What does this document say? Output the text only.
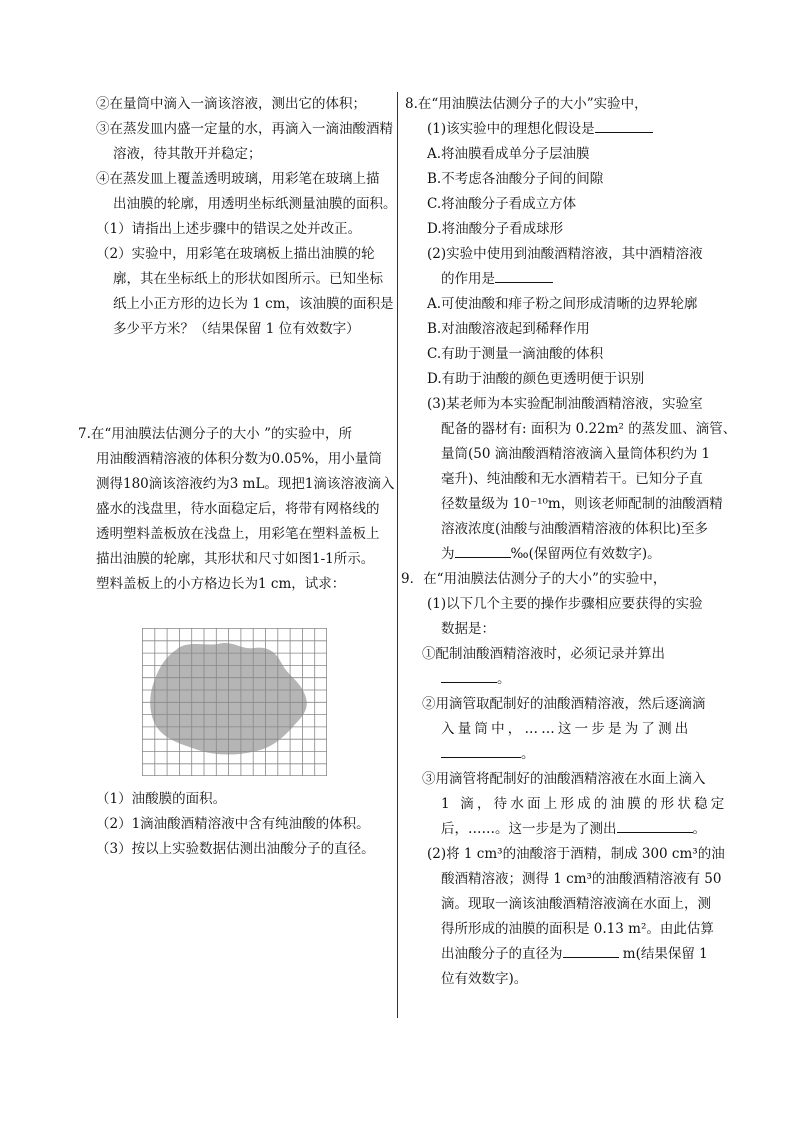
②在量筒中滴入一滴该溶液，测出它的体积；
③在蒸发皿内盛一定量的水，再滴入一滴油酸酒精
溶液，待其散开并稳定；
④在蒸发皿上覆盖透明玻璃，用彩笔在玻璃上描
出油膜的轮廓，用透明坐标纸测量油膜的面积。
（1）请指出上述步骤中的错误之处并改正。
（2）实验中，用彩笔在玻璃板上描出油膜的轮
廓，其在坐标纸上的形状如图所示。已知坐标
纸上小正方形的边长为 1 cm，该油膜的面积是
多少平方米？（结果保留 1 位有效数字）
7.在“用油膜法估测分子的大小 ”的实验中，所
用油酸酒精溶液的体积分数为0.05%，用小量筒
测得180滴该溶液约为3 mL。现把1滴该溶液滴入
盛水的浅盘里，待水面稳定后，将带有网格线的
透明塑料盖板放在浅盘上，用彩笔在塑料盖板上
描出油膜的轮廓，其形状和尺寸如图1-1所示。
塑料盖板上的小方格边长为1 cm，试求：
（1）油酸膜的面积。
（2）1滴油酸酒精溶液中含有纯油酸的体积。
（3）按以上实验数据估测出油酸分子的直径。
8.在“用油膜法估测分子的大小”实验中，
(1)该实验中的理想化假设是
A.将油膜看成单分子层油膜
B.不考虑各油酸分子间的间隙
C.将油酸分子看成立方体
D.将油酸分子看成球形
(2)实验中使用到油酸酒精溶液，其中酒精溶液
的作用是
A.可使油酸和痱子粉之间形成清晰的边界轮廓
B.对油酸溶液起到稀释作用
C.有助于测量一滴油酸的体积
D.有助于油酸的颜色更透明便于识别
(3)某老师为本实验配制油酸酒精溶液，实验室
配备的器材有: 面积为 0.22m² 的蒸发皿、滴管、
量筒(50 滴油酸酒精溶液滴入量筒体积约为 1
毫升)、纯油酸和无水酒精若干。已知分子直
径数量级为 10⁻¹⁰m，则该老师配制的油酸酒精
溶液浓度(油酸与油酸酒精溶液的体积比)至多
为	‰(保留两位有效数字)。
9．在“用油膜法估测分子的大小”的实验中，
(1)以下几个主要的操作步骤相应要获得的实验
数据是：
①配制油酸酒精溶液时，必须记录并算出
。
②用滴管取配制好的油酸酒精溶液，然后逐滴滴
入量筒中，……这一步是为了测出
。
③用滴管将配制好的油酸酒精溶液在水面上滴入
1 滴，待水面上形成的油膜的形状稳定
后，……。这一步是为了测出	。
(2)将 1 cm³的油酸溶于酒精，制成 300 cm³的油
酸酒精溶液；测得 1 cm³的油酸酒精溶液有 50
滴。现取一滴该油酸酒精溶液滴在水面上，测
得所形成的油膜的面积是 0.13 m²。由此估算
出油酸分子的直径为	m(结果保留 1
位有效数字)。
